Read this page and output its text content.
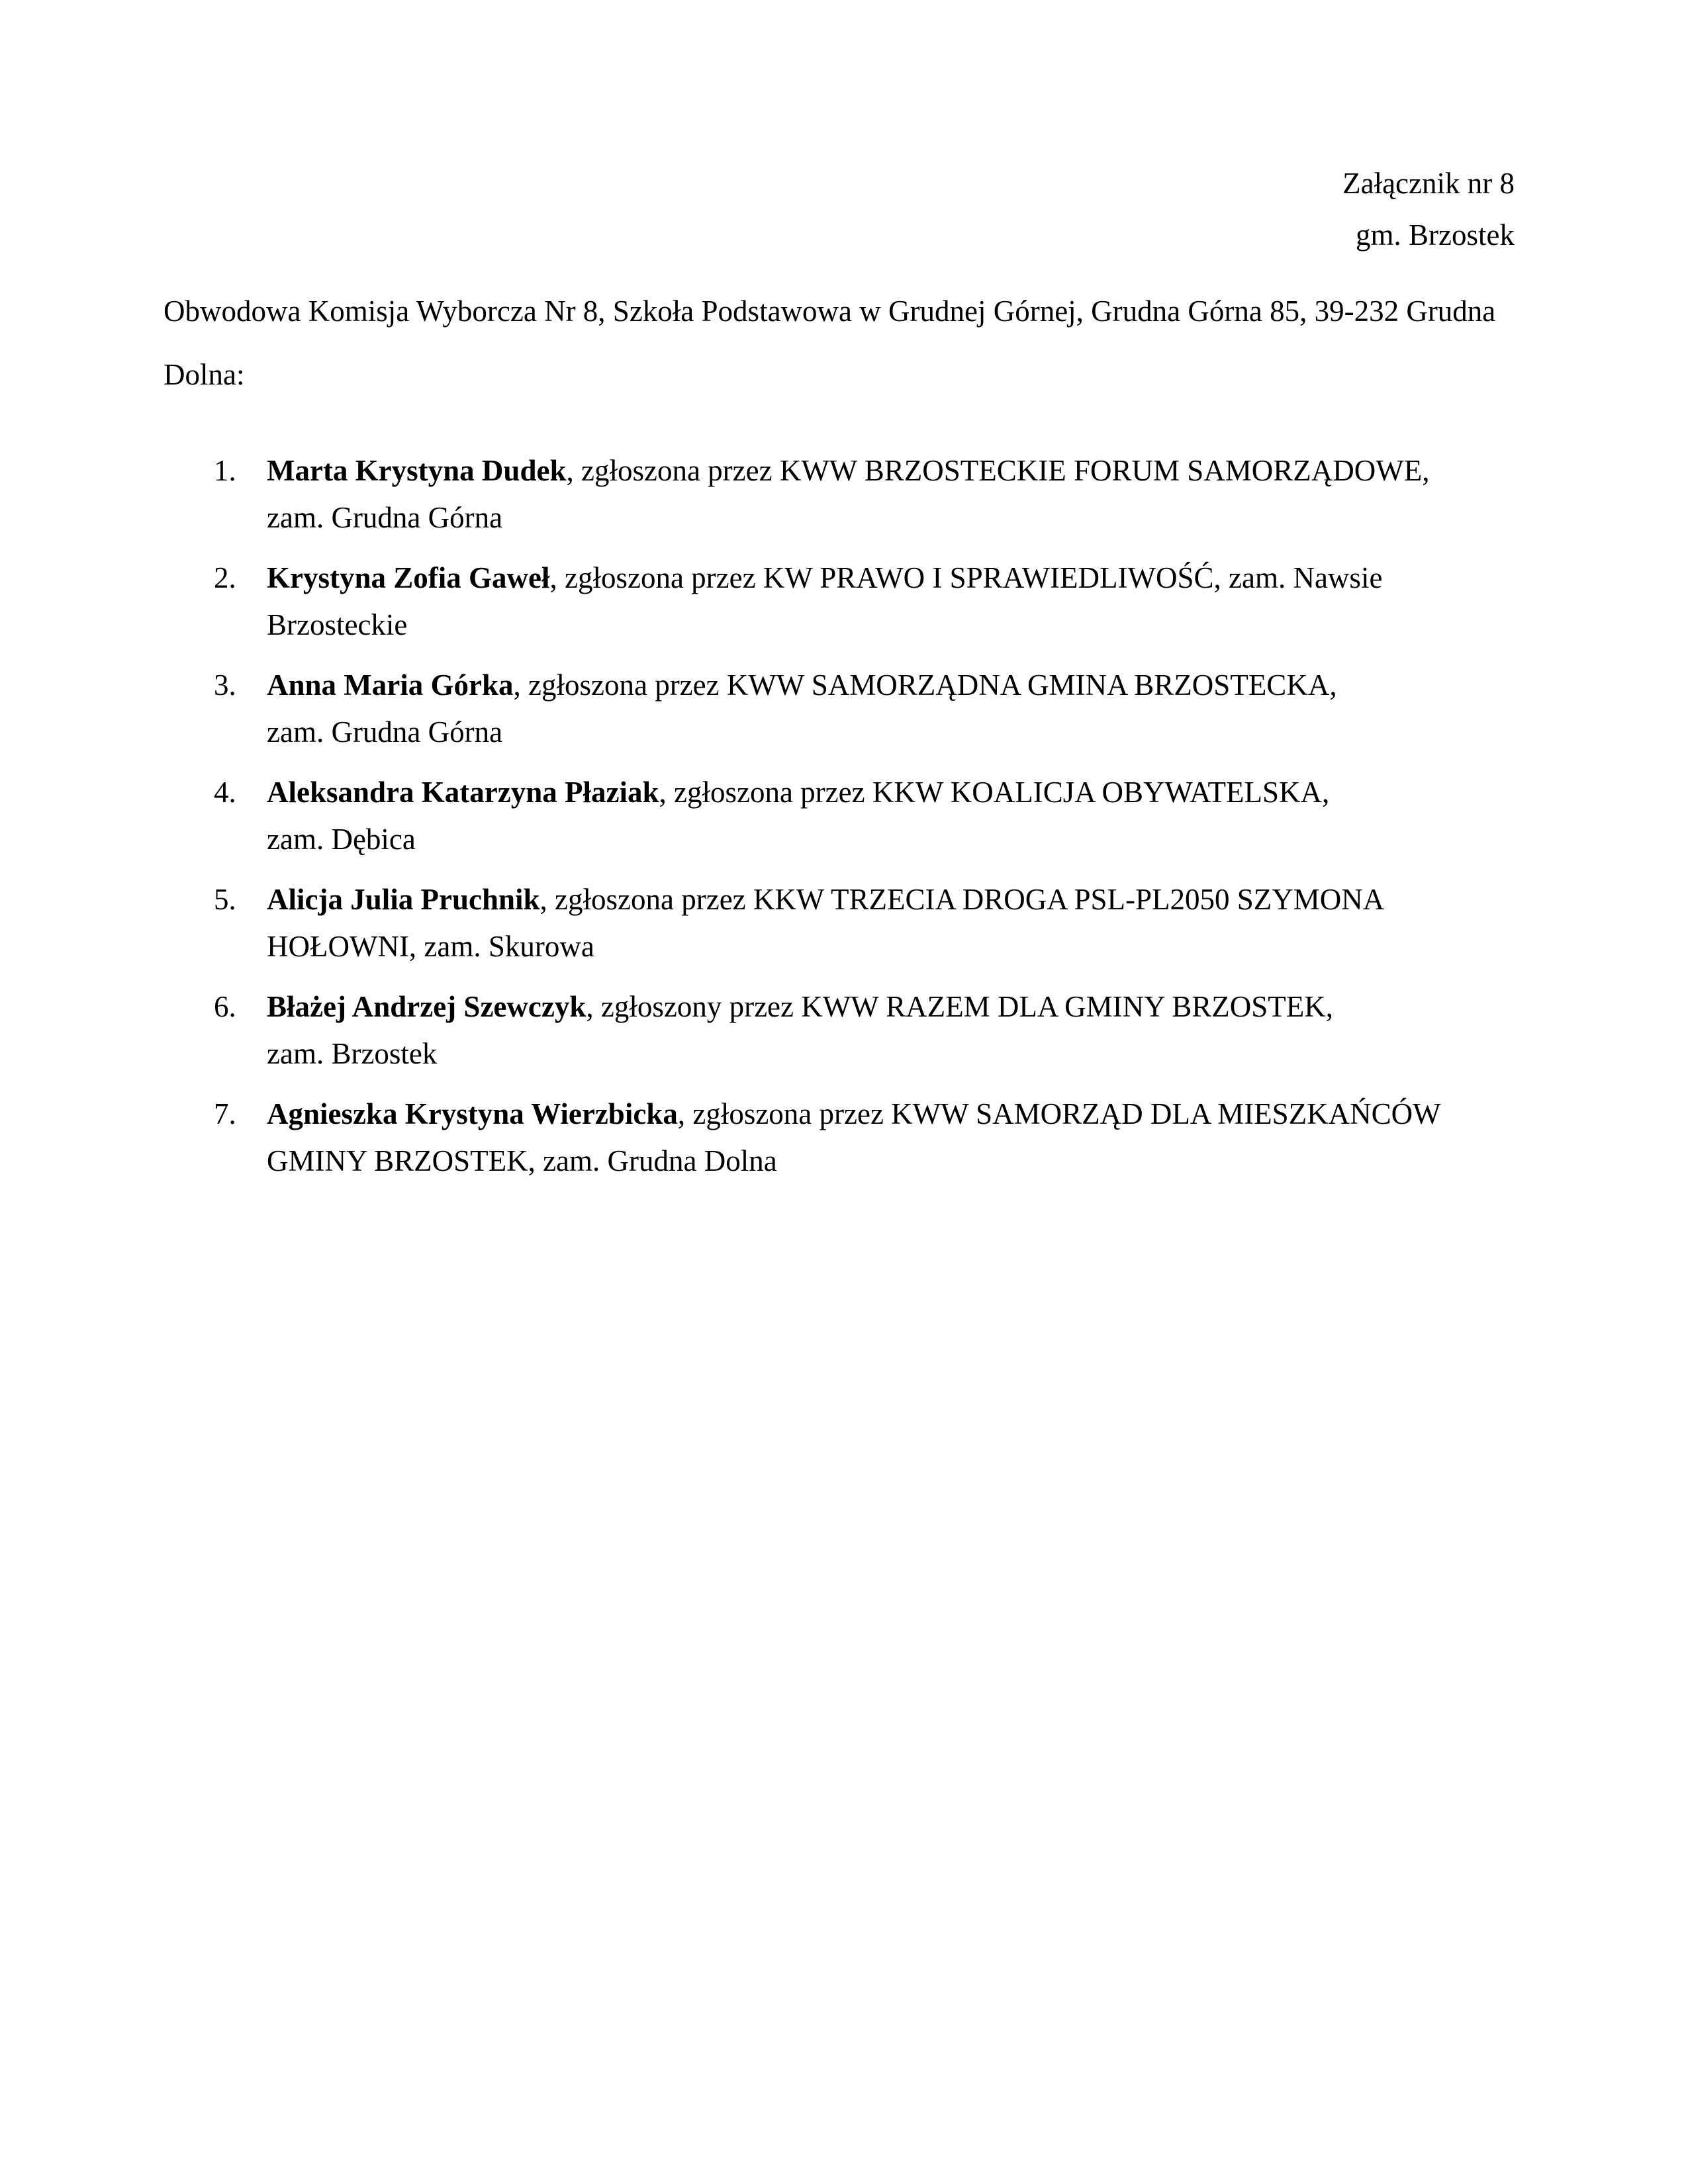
Załącznik nr 8
gm. Brzostek
Obwodowa Komisja Wyborcza Nr 8, Szkoła Podstawowa w Grudnej Górnej, Grudna Górna 85, 39-232 Grudna Dolna:
1. Marta Krystyna Dudek, zgłoszona przez KWW BRZOSTECKIE FORUM SAMORZĄDOWE,
zam. Grudna Górna
2. Krystyna Zofia Gaweł, zgłoszona przez KW PRAWO I SPRAWIEDLIWOŚĆ, zam. Nawsie
Brzosteckie
3. Anna Maria Górka, zgłoszona przez KWW SAMORZĄDNA GMINA BRZOSTECKA,
zam. Grudna Górna
4. Aleksandra Katarzyna Płaziak, zgłoszona przez KKW KOALICJA OBYWATELSKA,
zam. Dębica
5. Alicja Julia Pruchnik, zgłoszona przez KKW TRZECIA DROGA PSL-PL2050 SZYMONA
HOŁOWNI, zam. Skurowa
6. Błażej Andrzej Szewczyk, zgłoszony przez KWW RAZEM DLA GMINY BRZOSTEK,
zam. Brzostek
7. Agnieszka Krystyna Wierzbicka, zgłoszona przez KWW SAMORZĄD DLA MIESZKAŃCÓW
GMINY BRZOSTEK, zam. Grudna Dolna
